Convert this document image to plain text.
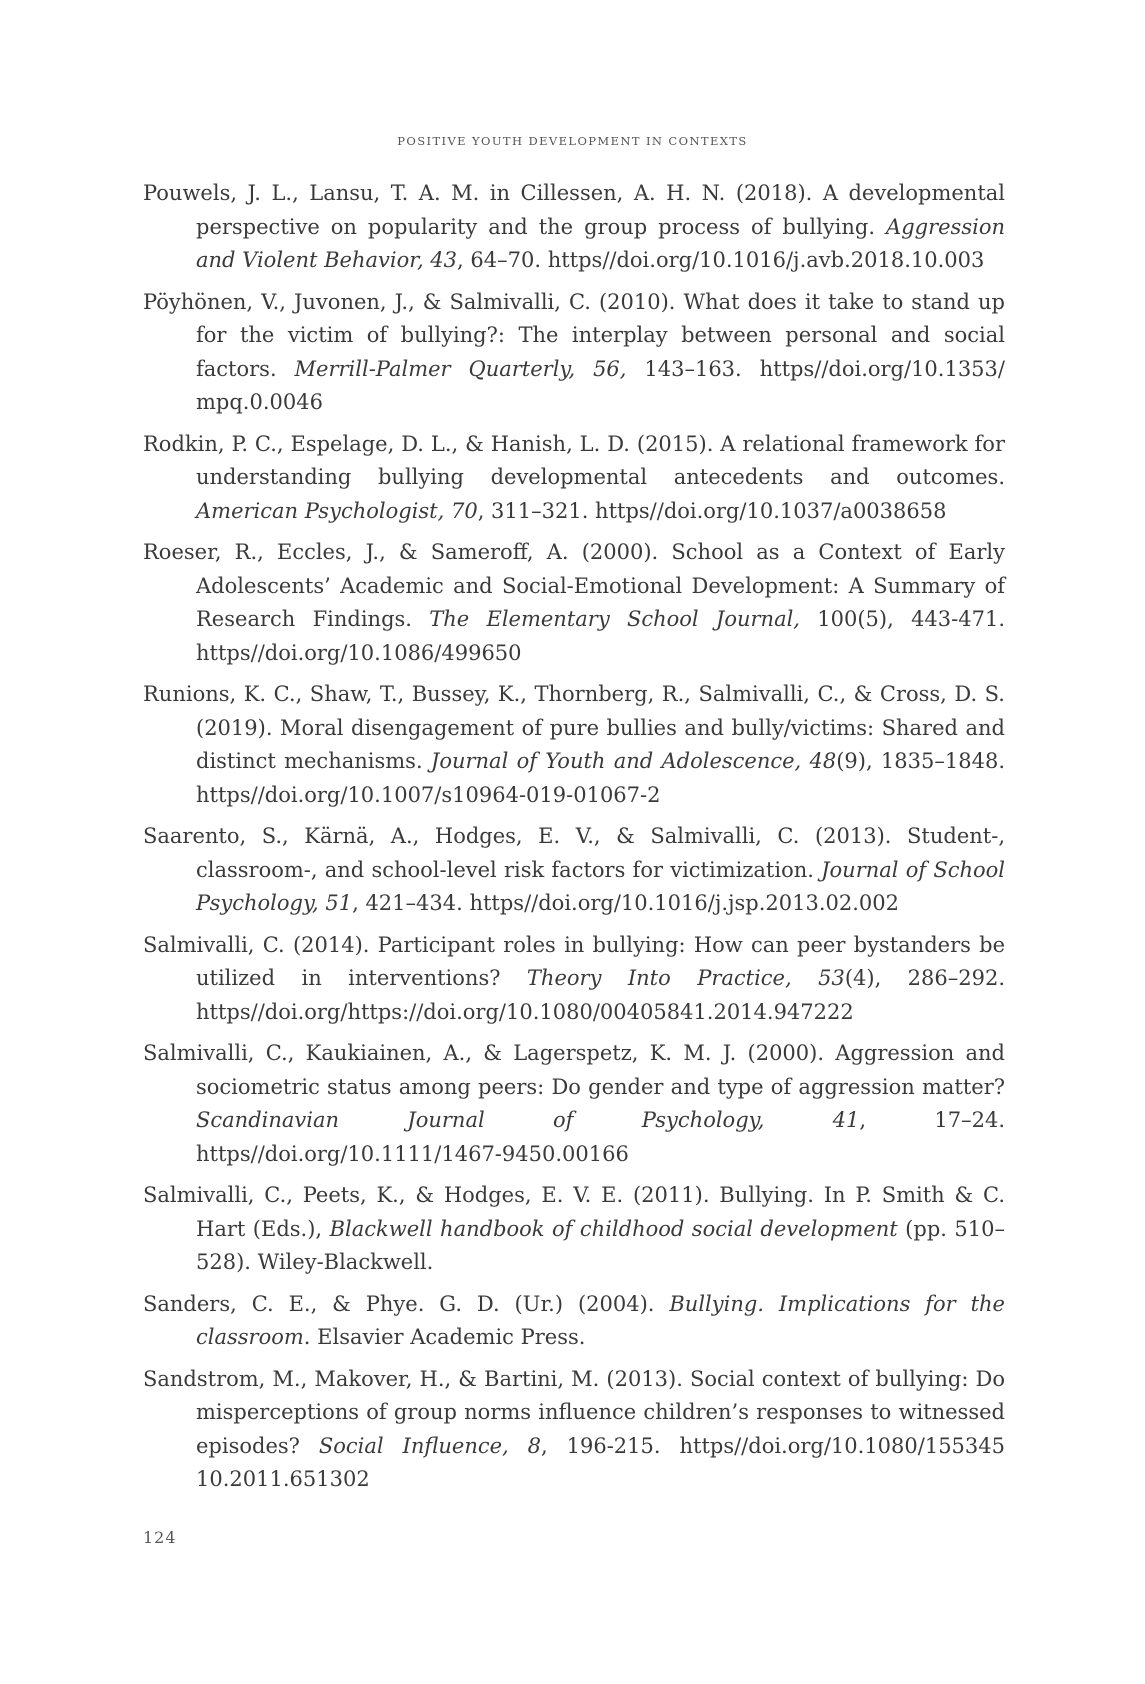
POSITIVE YOUTH DEVELOPMENT IN CONTEXTS

Pouwels, J. L., Lansu, T. A. M. in Cillessen, A. H. N. (2018). A developmental perspective on popularity and the group process of bullying. Aggression and Violent Behavior, 43, 64–70. https//doi.org/10.1016/j.avb.2018.10.003

Pöyhönen, V., Juvonen, J., & Salmivalli, C. (2010). What does it take to stand up for the victim of bullying?: The interplay between personal and social factors. Merrill-Palmer Quarterly, 56, 143–163. https//doi.org/10.1353/ mpq.0.0046

Rodkin, P. C., Espelage, D. L., & Hanish, L. D. (2015). A relational framework for understanding bullying developmental antecedents and outcomes. American Psychologist, 70, 311–321. https//doi.org/10.1037/a0038658

Roeser, R., Eccles, J., & Sameroff, A. (2000). School as a Context of Early Adolescents’ Academic and Social-Emotional Development: A Summary of Research Findings. The Elementary School Journal, 100(5), 443-471. https//doi.org/10.1086/499650

Runions, K. C., Shaw, T., Bussey, K., Thornberg, R., Salmivalli, C., & Cross, D. S. (2019). Moral disengagement of pure bullies and bully/victims: Shared and distinct mechanisms. Journal of Youth and Adolescence, 48(9), 1835–1848. https//doi.org/10.1007/s10964-019-01067-2

Saarento, S., Kärnä, A., Hodges, E. V., & Salmivalli, C. (2013). Student-, classroom-, and school-level risk factors for victimization. Journal of School Psychology, 51, 421–434. https//doi.org/10.1016/j.jsp.2013.02.002

Salmivalli, C. (2014). Participant roles in bullying: How can peer bystanders be utilized in interventions? Theory Into Practice, 53(4), 286–292. https//doi.org/https://doi.org/10.1080/00405841.2014.947222

Salmivalli, C., Kaukiainen, A., & Lagerspetz, K. M. J. (2000). Aggression and sociometric status among peers: Do gender and type of aggression matter? Scandinavian Journal of Psychology, 41, 17–24. https//doi.org/10.1111/1467-9450.00166

Salmivalli, C., Peets, K., & Hodges, E. V. E. (2011). Bullying. In P. Smith & C. Hart (Eds.), Blackwell handbook of childhood social development (pp. 510–528). Wiley-Blackwell.

Sanders, C. E., & Phye. G. D. (Ur.) (2004). Bullying. Implications for the classroom. Elsavier Academic Press.

Sandstrom, M., Makover, H., & Bartini, M. (2013). Social context of bullying: Do misperceptions of group norms influence children’s responses to witnessed episodes? Social Influence, 8, 196-215. https//doi.org/10.1080/155345 10.2011.651302

124
